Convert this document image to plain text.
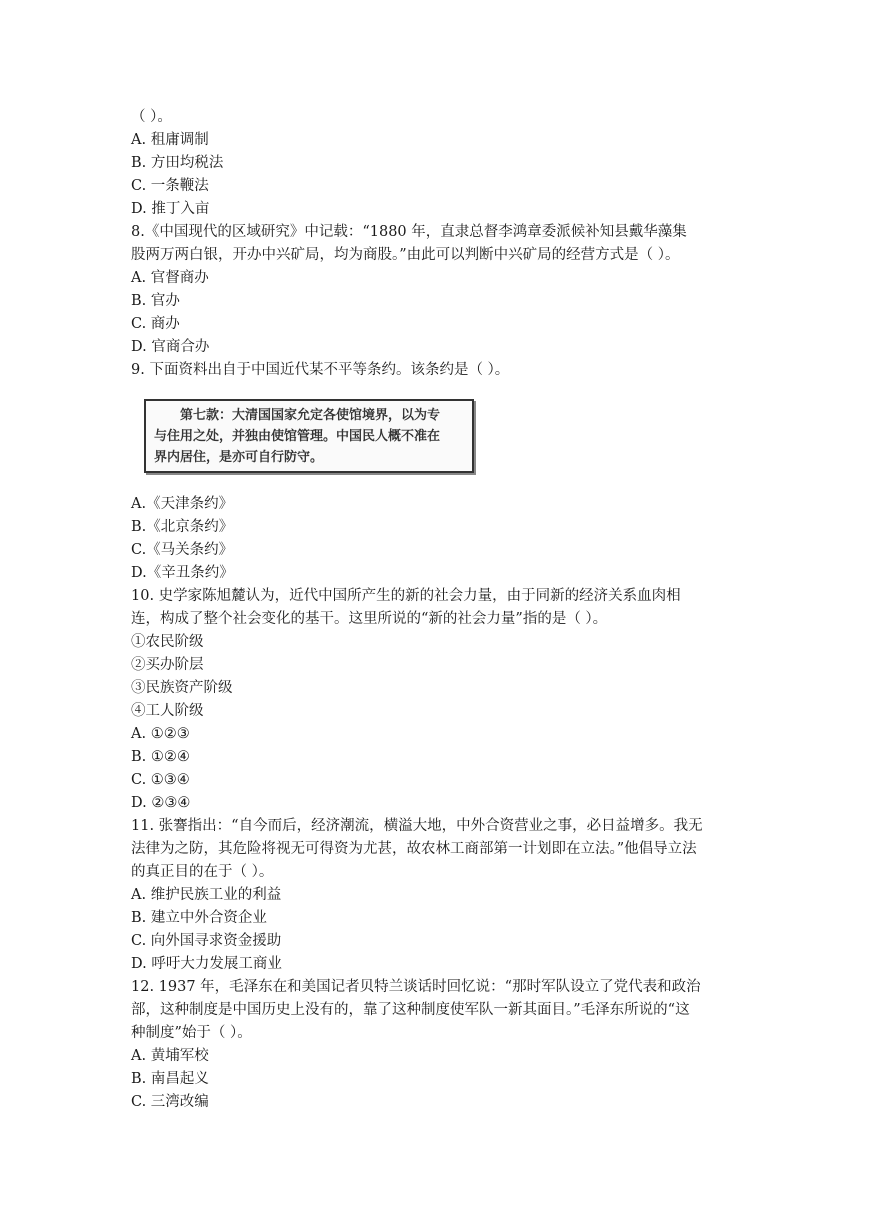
（ ）。
A. 租庸调制
B. 方田均税法
C. 一条鞭法
D. 推丁入亩
8.《中国现代的区域研究》中记载：“1880 年，直隶总督李鸿章委派候补知县戴华藻集
股两万两白银，开办中兴矿局，均为商股。”由此可以判断中兴矿局的经营方式是（ ）。
A. 官督商办
B. 官办
C. 商办
D. 官商合办
9. 下面资料出自于中国近代某不平等条约。该条约是（ ）。
A.《天津条约》
B.《北京条约》
C.《马关条约》
D.《辛丑条约》
10. 史学家陈旭麓认为，近代中国所产生的新的社会力量，由于同新的经济关系血肉相
连，构成了整个社会变化的基干。这里所说的“新的社会力量”指的是（ ）。
①农民阶级
②买办阶层
③民族资产阶级
④工人阶级
A. ①②③
B. ①②④
C. ①③④
D. ②③④
11. 张謇指出：“自今而后，经济潮流，横溢大地，中外合资营业之事，必日益增多。我无
法律为之防，其危险将视无可得资为尤甚，故农林工商部第一计划即在立法。”他倡导立法
的真正目的在于（ ）。
A. 维护民族工业的利益
B. 建立中外合资企业
C. 向外国寻求资金援助
D. 呼吁大力发展工商业
12. 1937 年，毛泽东在和美国记者贝特兰谈话时回忆说：“那时军队设立了党代表和政治
部，这种制度是中国历史上没有的，靠了这种制度使军队一新其面目。”毛泽东所说的“这
种制度”始于（ ）。
A. 黄埔军校
B. 南昌起义
C. 三湾改编
　　第七款：大清国国家允定各使馆境界，以为专
与住用之处，并独由使馆管理。中国民人概不准在
界内居住，是亦可自行防守。
